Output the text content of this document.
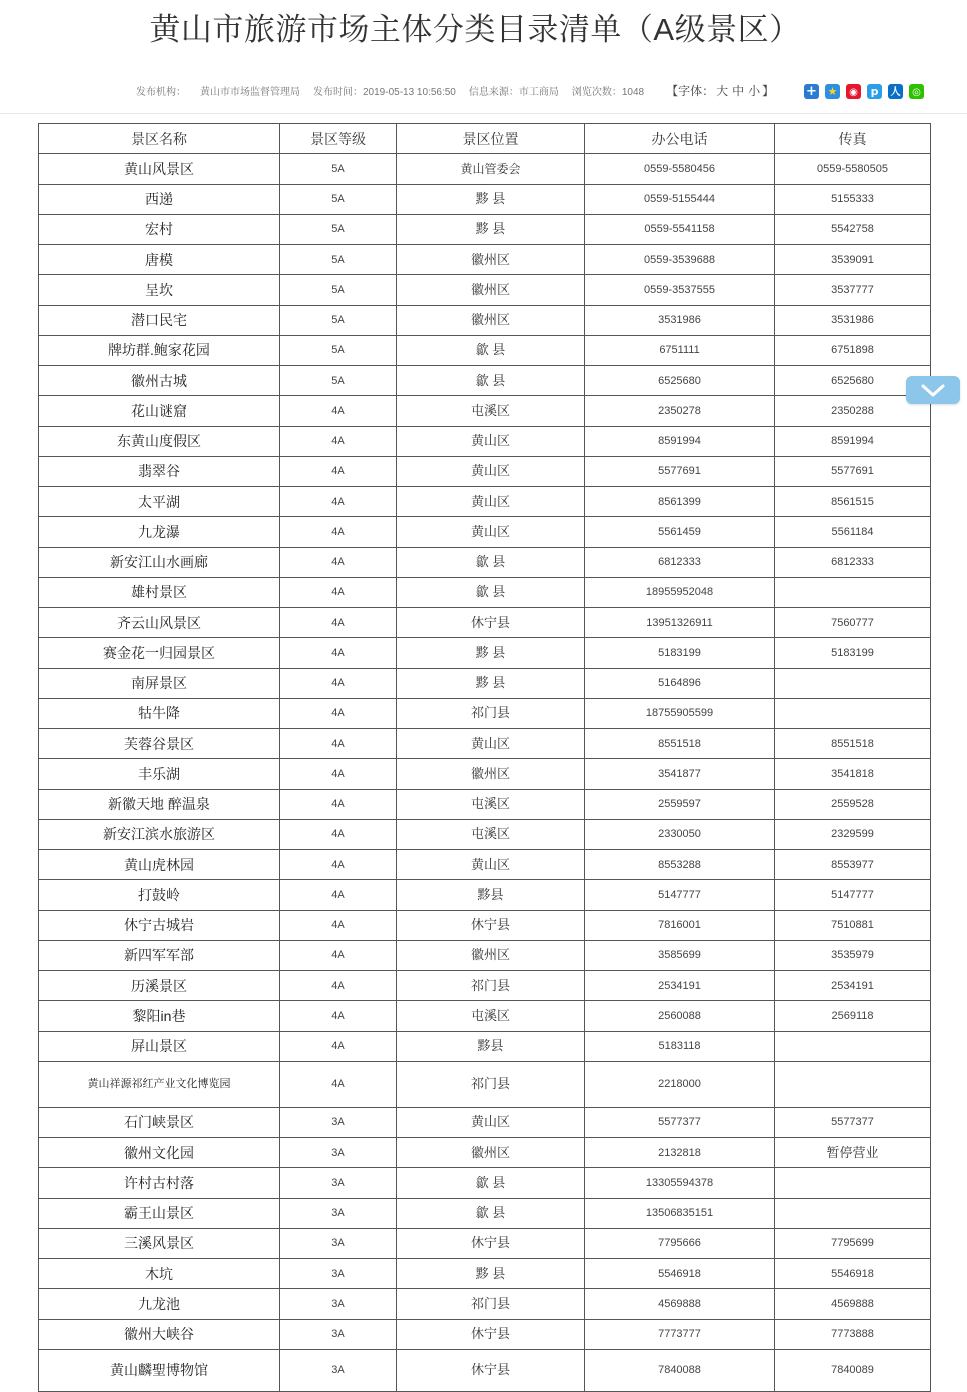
黄山市旅游市场主体分类目录清单（A级景区）
发布机构： 黄山市市场监督管理局 发布时间：2019-05-13 10:56:50 信息来源：市工商局 浏览次数：1048 【字体： 大 中 小 】
+
★
◉
p
人
◎
景区名称	景区等级	景区位置	办公电话	传真
黄山风景区	5A	黄山管委会	0559-5580456	0559-5580505
西递	5A	黟 县	0559-5155444	5155333
宏村	5A	黟 县	0559-5541158	5542758
唐模	5A	徽州区	0559-3539688	3539091
呈坎	5A	徽州区	0559-3537555	3537777
潜口民宅	5A	徽州区	3531986	3531986
牌坊群.鲍家花园	5A	歙 县	6751111	6751898
徽州古城	5A	歙 县	6525680	6525680
花山谜窟	4A	屯溪区	2350278	2350288
东黄山度假区	4A	黄山区	8591994	8591994
翡翠谷	4A	黄山区	5577691	5577691
太平湖	4A	黄山区	8561399	8561515
九龙瀑	4A	黄山区	5561459	5561184
新安江山水画廊	4A	歙 县	6812333	6812333
雄村景区	4A	歙 县	18955952048	
齐云山风景区	4A	休宁县	13951326911	7560777
赛金花一归园景区	4A	黟 县	5183199	5183199
南屏景区	4A	黟 县	5164896	
牯牛降	4A	祁门县	18755905599	
芙蓉谷景区	4A	黄山区	8551518	8551518
丰乐湖	4A	徽州区	3541877	3541818
新徽天地 醉温泉	4A	屯溪区	2559597	2559528
新安江滨水旅游区	4A	屯溪区	2330050	2329599
黄山虎林园	4A	黄山区	8553288	8553977
打鼓岭	4A	黟县	5147777	5147777
休宁古城岩	4A	休宁县	7816001	7510881
新四军军部	4A	徽州区	3585699	3535979
历溪景区	4A	祁门县	2534191	2534191
黎阳in巷	4A	屯溪区	2560088	2569118
屏山景区	4A	黟县	5183118	
黄山祥源祁红产业文化博览园	4A	祁门县	2218000	
石门峡景区	3A	黄山区	5577377	5577377
徽州文化园	3A	徽州区	2132818	暂停营业
许村古村落	3A	歙 县	13305594378	
霸王山景区	3A	歙 县	13506835151	
三溪风景区	3A	休宁县	7795666	7795699
木坑	3A	黟 县	5546918	5546918
九龙池	3A	祁门县	4569888	4569888
徽州大峡谷	3A	休宁县	7773777	7773888
黄山麟聖博物馆	3A	休宁县	7840088	7840089
